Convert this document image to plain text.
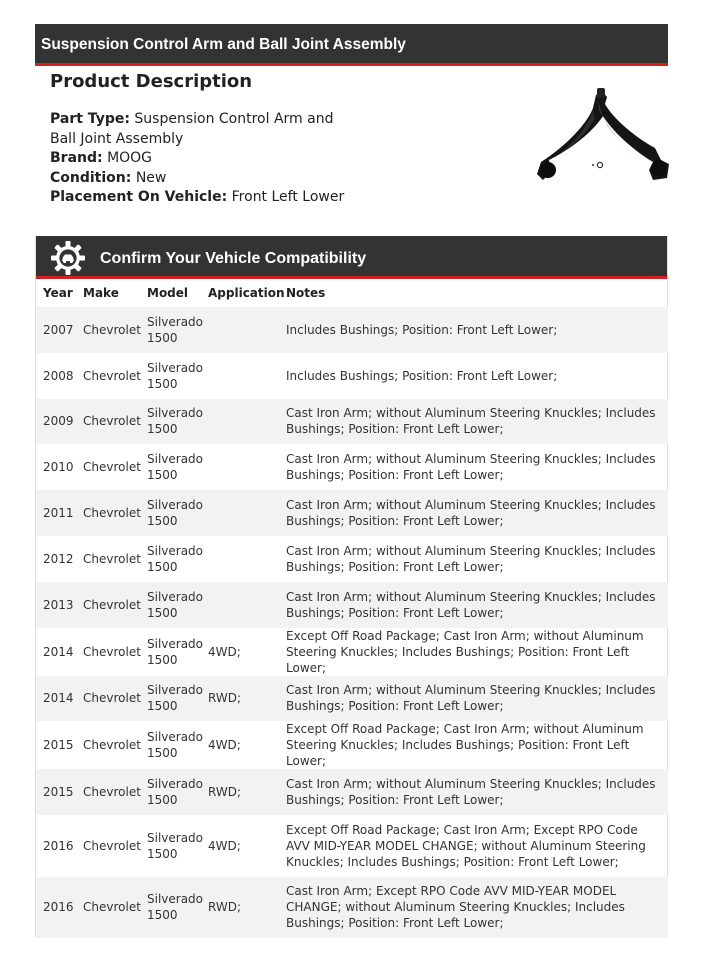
Suspension Control Arm and Ball Joint Assembly
Product Description
Part Type: Suspension Control Arm and Ball Joint Assembly
Brand: MOOG
Condition: New
Placement On Vehicle: Front Left Lower
Confirm Your Vehicle Compatibility
Year	Make	Model	Application	Notes
2007	Chevrolet	Silverado 1500		Includes Bushings; Position: Front Left Lower;
2008	Chevrolet	Silverado 1500		Includes Bushings; Position: Front Left Lower;
2009	Chevrolet	Silverado 1500		Cast Iron Arm; without Aluminum Steering Knuckles; Includes Bushings; Position: Front Left Lower;
2010	Chevrolet	Silverado 1500		Cast Iron Arm; without Aluminum Steering Knuckles; Includes Bushings; Position: Front Left Lower;
2011	Chevrolet	Silverado 1500		Cast Iron Arm; without Aluminum Steering Knuckles; Includes Bushings; Position: Front Left Lower;
2012	Chevrolet	Silverado 1500		Cast Iron Arm; without Aluminum Steering Knuckles; Includes Bushings; Position: Front Left Lower;
2013	Chevrolet	Silverado 1500		Cast Iron Arm; without Aluminum Steering Knuckles; Includes Bushings; Position: Front Left Lower;
2014	Chevrolet	Silverado 1500	4WD;	Except Off Road Package; Cast Iron Arm; without Aluminum Steering Knuckles; Includes Bushings; Position: Front Left Lower;
2014	Chevrolet	Silverado 1500	RWD;	Cast Iron Arm; without Aluminum Steering Knuckles; Includes Bushings; Position: Front Left Lower;
2015	Chevrolet	Silverado 1500	4WD;	Except Off Road Package; Cast Iron Arm; without Aluminum Steering Knuckles; Includes Bushings; Position: Front Left Lower;
2015	Chevrolet	Silverado 1500	RWD;	Cast Iron Arm; without Aluminum Steering Knuckles; Includes Bushings; Position: Front Left Lower;
2016	Chevrolet	Silverado 1500	4WD;	Except Off Road Package; Cast Iron Arm; Except RPO Code AVV MID-YEAR MODEL CHANGE; without Aluminum Steering Knuckles; Includes Bushings; Position: Front Left Lower;
2016	Chevrolet	Silverado 1500	RWD;	Cast Iron Arm; Except RPO Code AVV MID-YEAR MODEL CHANGE; without Aluminum Steering Knuckles; Includes Bushings; Position: Front Left Lower;
